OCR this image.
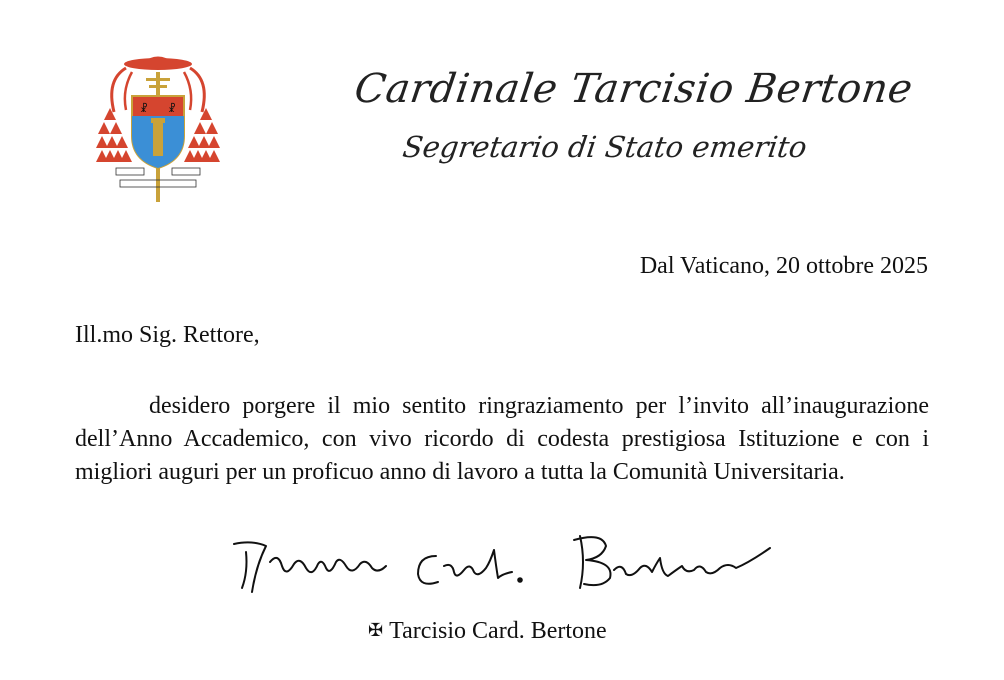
☧ ☧	Cardinale Tarcisio Bertone
Segretario di Stato emerito
Dal Vaticano, 20 ottobre 2025
Ill.mo Sig. Rettore,

desidero porgere il mio sentito ringraziamento per l’invito all’inaugurazione dell’Anno Accademico, con vivo ricordo di codesta prestigiosa Istituzione e con i migliori auguri per un proficuo anno di lavoro a tutta la Comunità Universitaria.

✠ Tarcisio Card. Bertone
